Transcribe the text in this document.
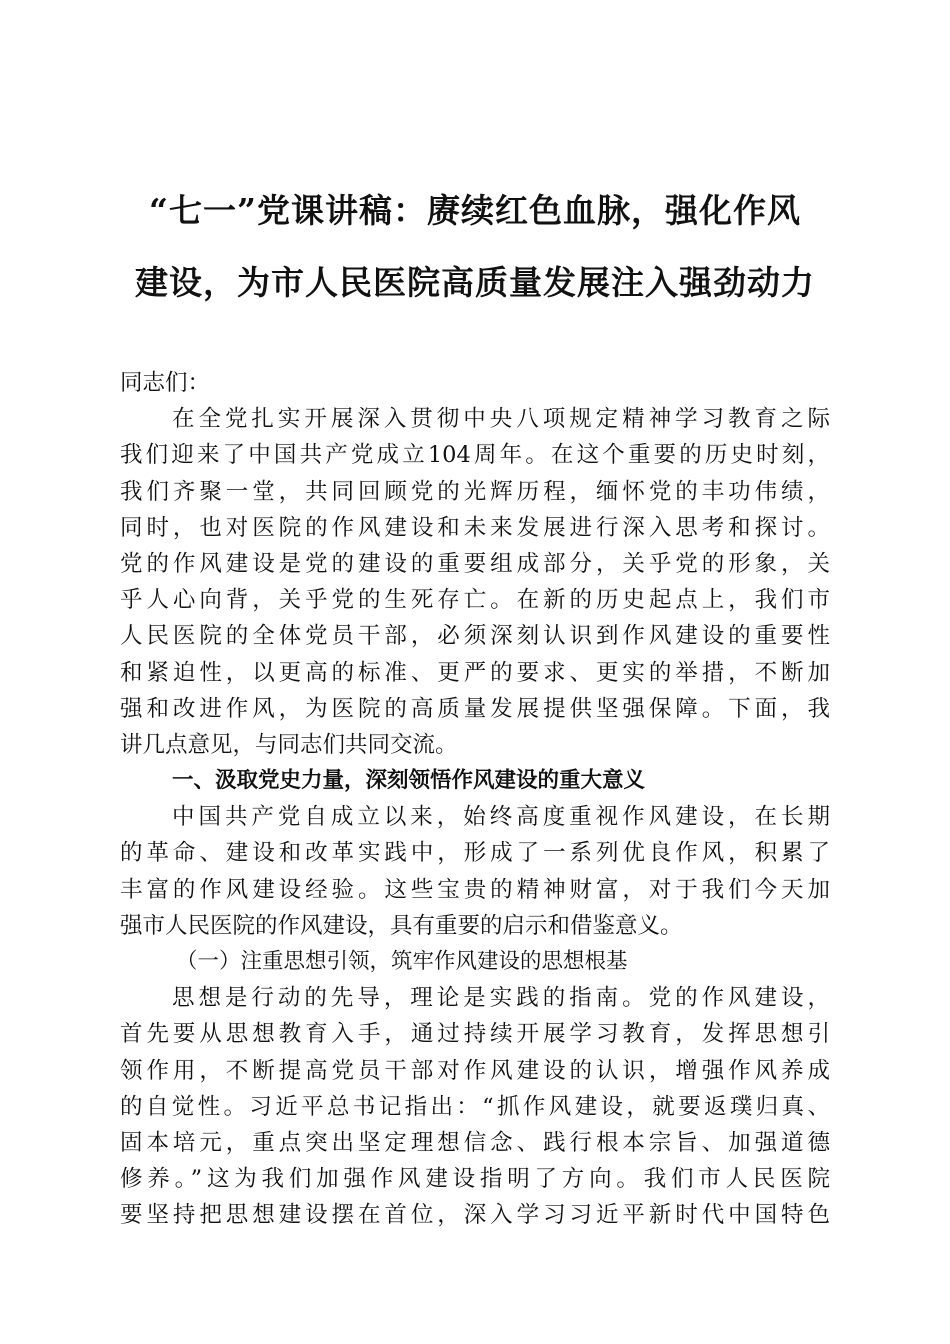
“七一”党课讲稿：赓续红色血脉，强化作风
建设，为市人民医院高质量发展注入强劲动力
同志们：
在全党扎实开展深入贯彻中央八项规定精神学习教育之际
我们迎来了中国共产党成立104周年。在这个重要的历史时刻，
我们齐聚一堂，共同回顾党的光辉历程，缅怀党的丰功伟绩，
同时，也对医院的作风建设和未来发展进行深入思考和探讨。
党的作风建设是党的建设的重要组成部分，关乎党的形象，关
乎人心向背，关乎党的生死存亡。在新的历史起点上，我们市
人民医院的全体党员干部，必须深刻认识到作风建设的重要性
和紧迫性，以更高的标准、更严的要求、更实的举措，不断加
强和改进作风，为医院的高质量发展提供坚强保障。下面，我
讲几点意见，与同志们共同交流。
一、汲取党史力量，深刻领悟作风建设的重大意义
中国共产党自成立以来，始终高度重视作风建设，在长期
的革命、建设和改革实践中，形成了一系列优良作风，积累了
丰富的作风建设经验。这些宝贵的精神财富，对于我们今天加
强市人民医院的作风建设，具有重要的启示和借鉴意义。
（一）注重思想引领，筑牢作风建设的思想根基
思想是行动的先导，理论是实践的指南。党的作风建设，
首先要从思想教育入手，通过持续开展学习教育，发挥思想引
领作用，不断提高党员干部对作风建设的认识，增强作风养成
的自觉性。习近平总书记指出：“抓作风建设，就要返璞归真、
固本培元，重点突出坚定理想信念、践行根本宗旨、加强道德
修养。”这为我们加强作风建设指明了方向。我们市人民医院
要坚持把思想建设摆在首位，深入学习习近平新时代中国特色
